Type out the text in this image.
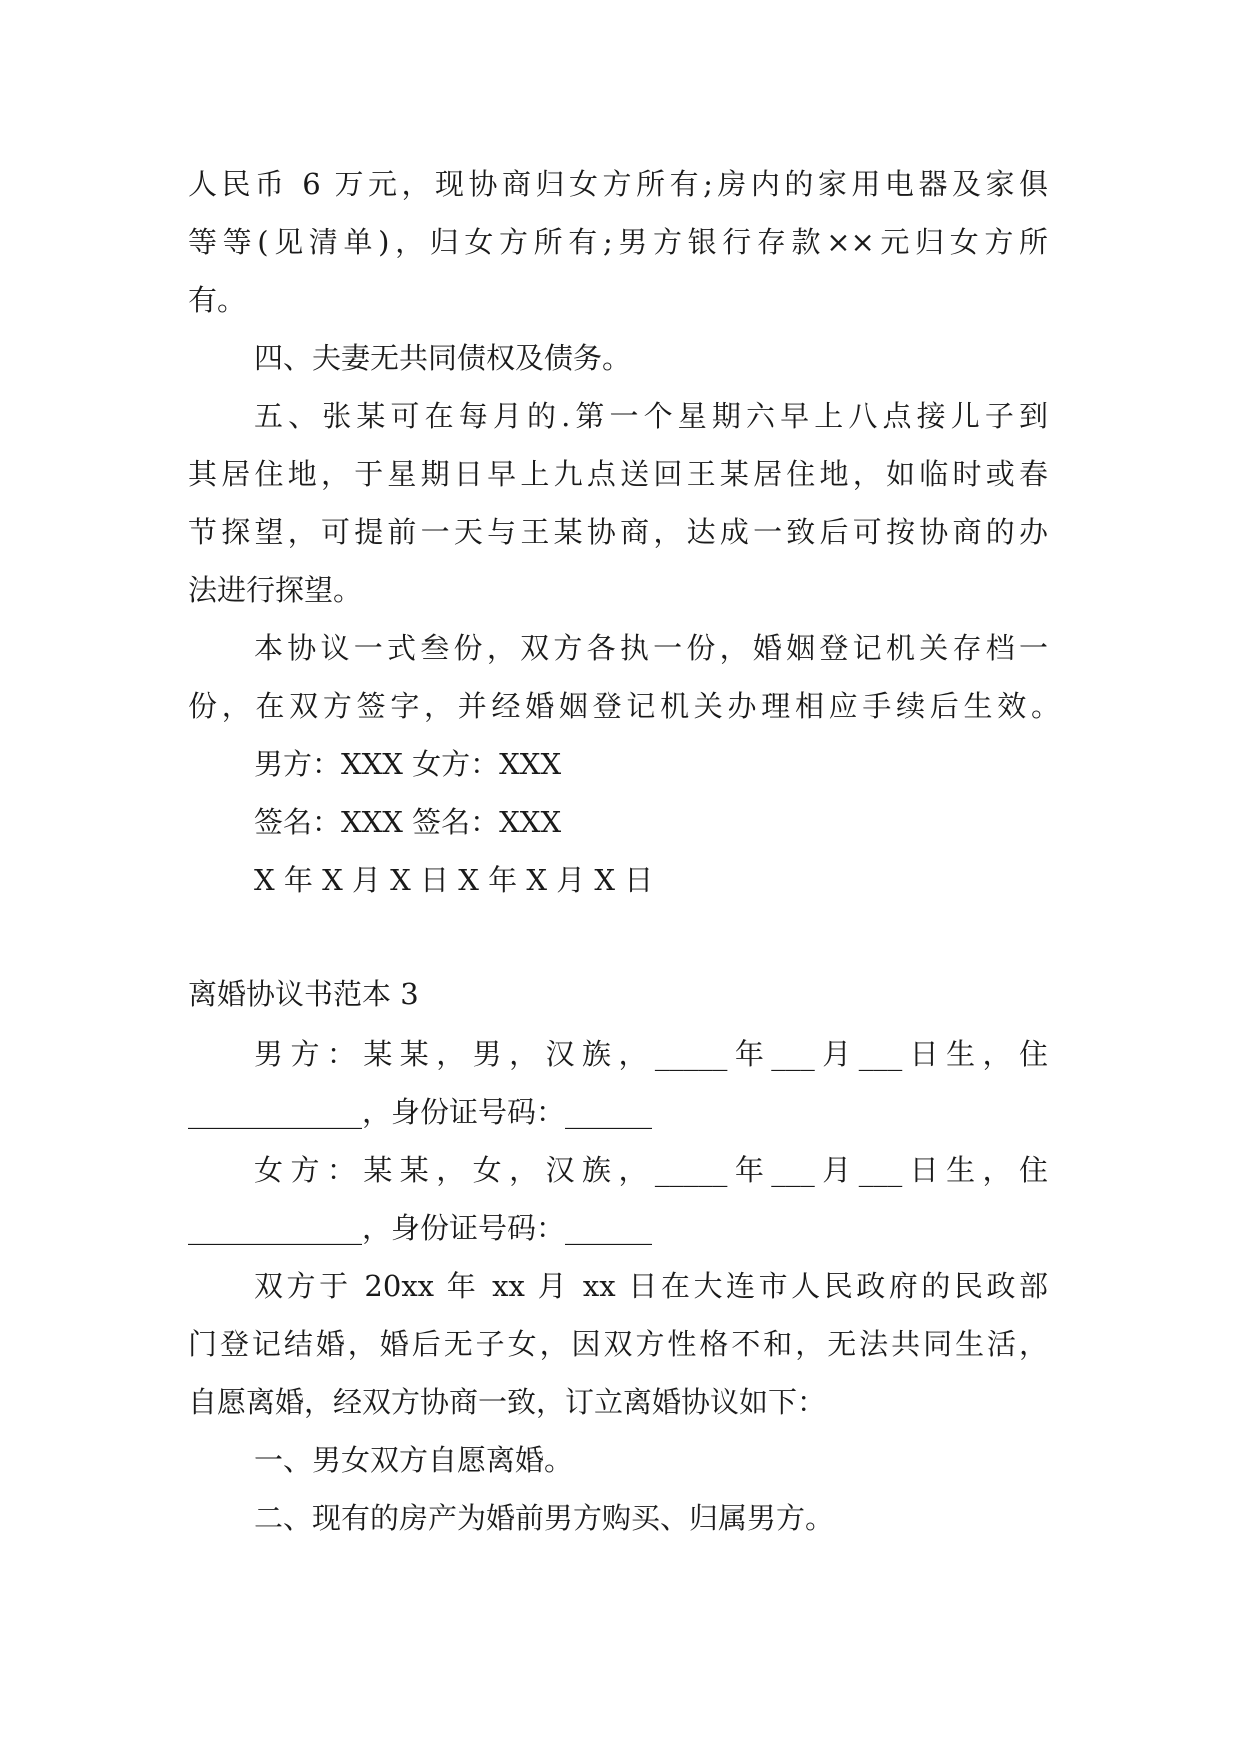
人民币 6 万元，现协商归女方所有;房内的家用电器及家俱
等等(见清单)，归女方所有;男方银行存款××元归女方所
有。
四、夫妻无共同债权及债务。
五、张某可在每月的.第一个星期六早上八点接儿子到
其居住地，于星期日早上九点送回王某居住地，如临时或春
节探望，可提前一天与王某协商，达成一致后可按协商的办
法进行探望。
本协议一式叁份，双方各执一份，婚姻登记机关存档一
份，在双方签字，并经婚姻登记机关办理相应手续后生效。
男方：XXX 女方：XXX
签名：XXX 签名：XXX
X 年 X 月 X 日 X 年 X 月 X 日
离婚协议书范本 3
男方：某某，男，汉族，_____年___月___日生，住
____________，身份证号码：______
女方：某某，女，汉族，_____年___月___日生，住
____________，身份证号码：______
双方于 20xx 年 xx 月 xx 日在大连市人民政府的民政部
门登记结婚，婚后无子女，因双方性格不和，无法共同生活，
自愿离婚，经双方协商一致，订立离婚协议如下：
一、男女双方自愿离婚。
二、现有的房产为婚前男方购买、归属男方。
